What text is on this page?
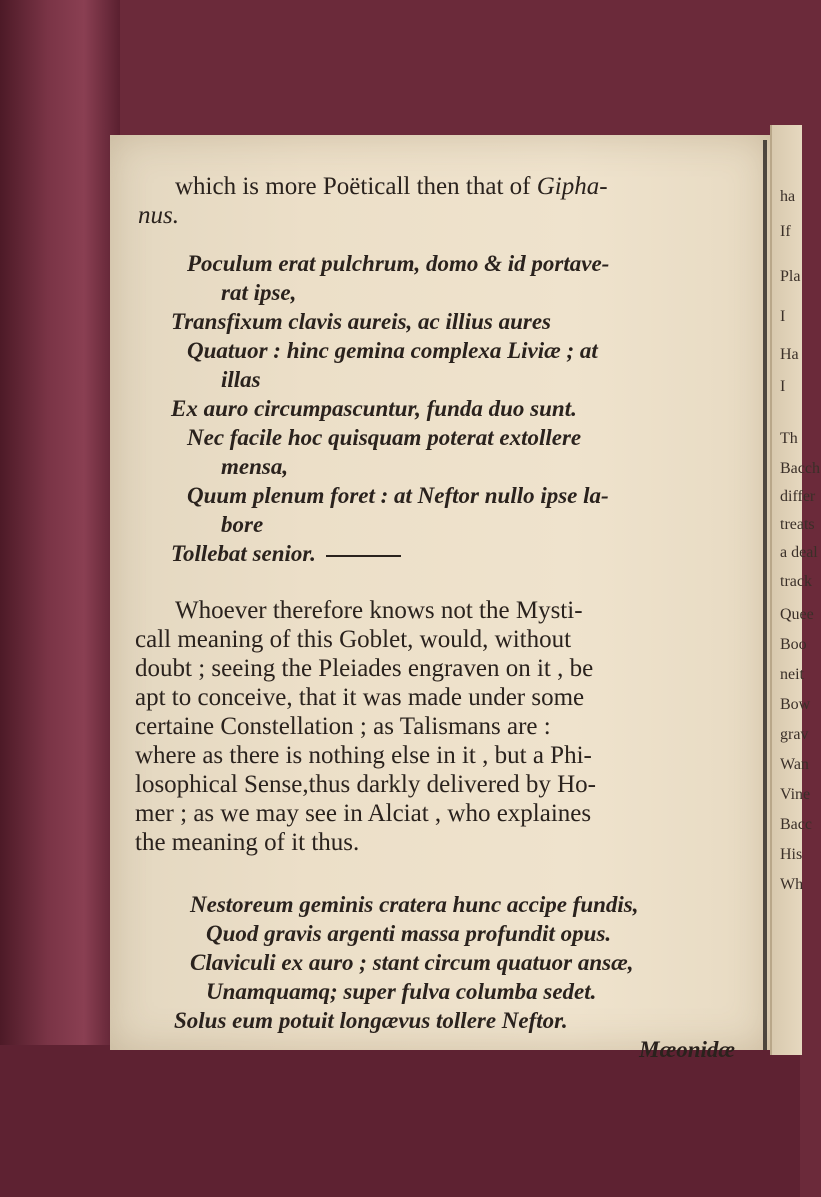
which is more Poëticall then that of Gipha-
nus.
Poculum erat pulchrum, domo & id portave-
rat ipse,
Transfixum clavis aureis, ac illius aures
Quatuor : hinc gemina complexa Liviæ ; at
illas
Ex auro circumpascuntur, funda duo sunt.
Nec facile hoc quisquam poterat extollere
mensa,
Quum plenum foret : at Neftor nullo ipse la-
bore
Tollebat senior.
Whoever therefore knows not the Mysti-
call meaning of this Goblet, would, without
doubt ; seeing the Pleiades engraven on it , be
apt to conceive, that it was made under some
certaine Constellation ; as Talismans are :
where as there is nothing else in it , but a Phi-
losophical Sense,thus darkly delivered by Ho-
mer ; as we may see in Alciat , who explaines
the meaning of it thus.
Nestoreum geminis cratera hunc accipe fundis,
Quod gravis argenti massa profundit opus.
Claviculi ex auro ; stant circum quatuor ansæ,
Unamquamq; super fulva columba sedet.
Solus eum potuit longævus tollere Neftor.
Mæonidæ
ha
If
Pla
I
Ha
I
Th
Bacch
differ
treats
a deal
track
Quee
Boo
neit
Bow
grav
Wan
Vine
Bacc
His
Wh
